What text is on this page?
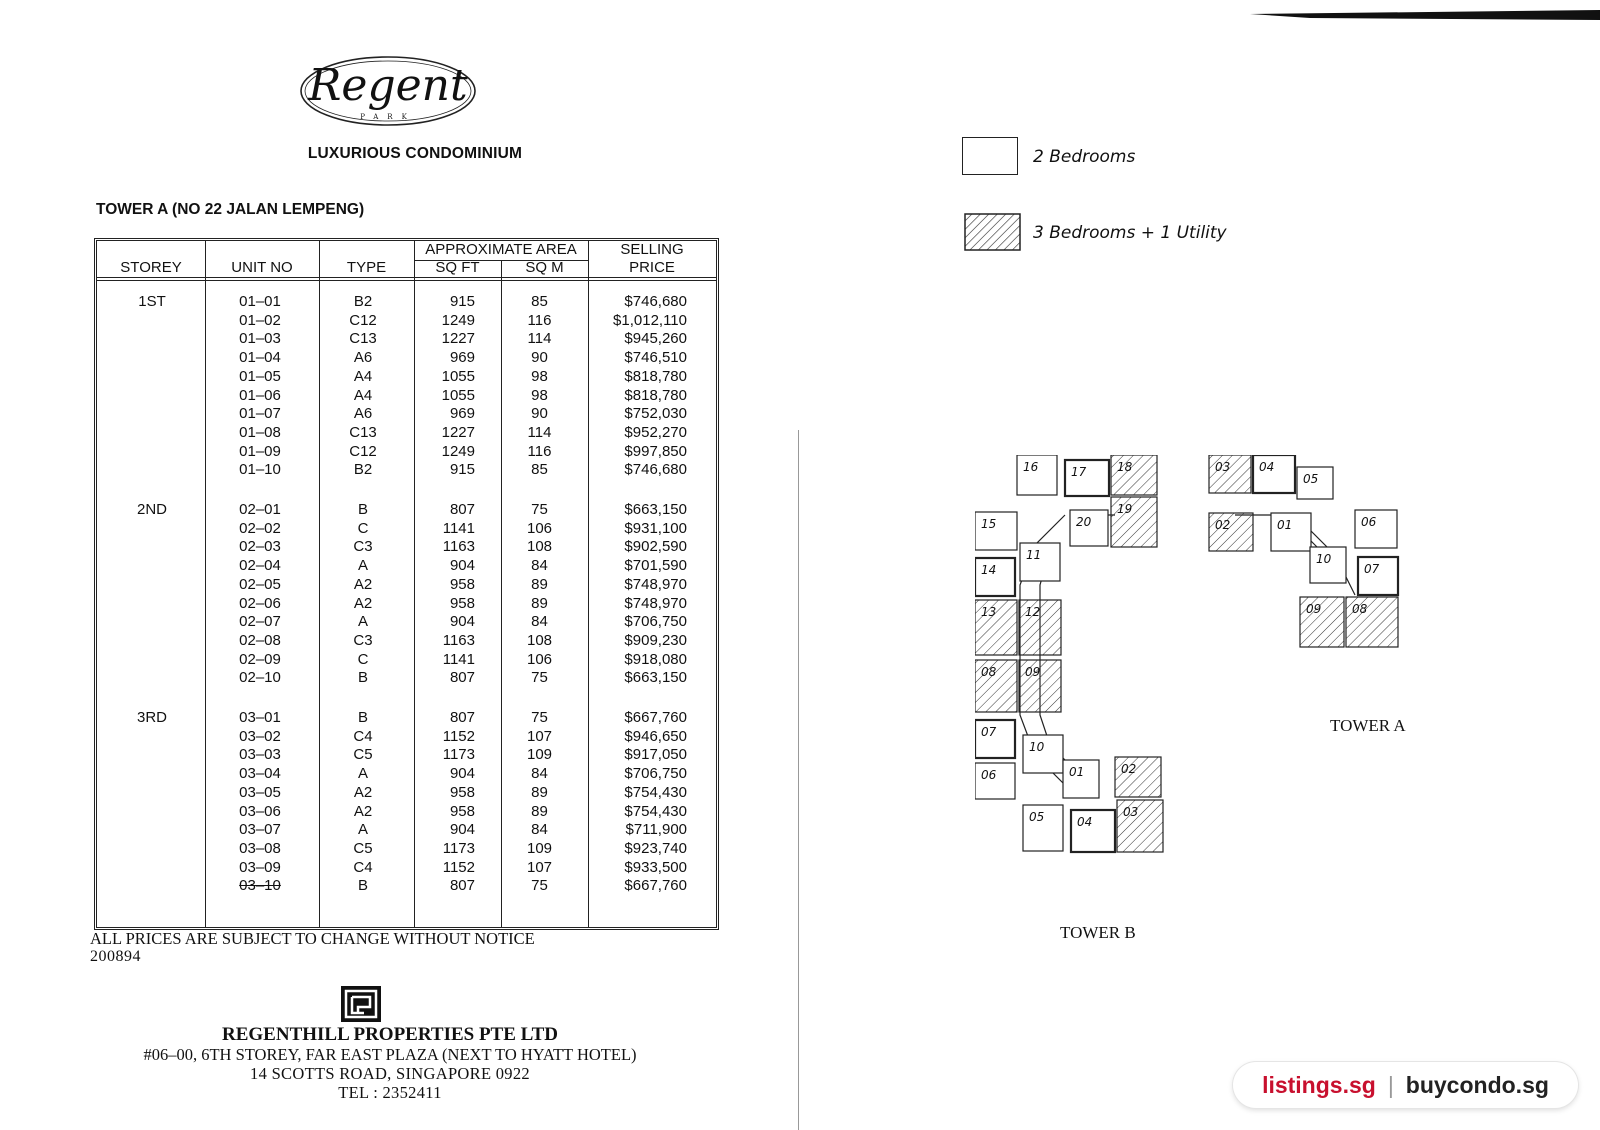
Regent
PARK
LUXURIOUS CONDOMINIUM
TOWER A (NO 22 JALAN LEMPENG)
STOREY	UNIT NO	TYPE
APPROXIMATE AREA
SQ FT	SQ M
SELLING
PRICE
1ST	01–01	B2	915	85	$746,680
01–02	C12	1249	116	$1,012,110
01–03	C13	1227	114	$945,260
01–04	A6	969	90	$746,510
01–05	A4	1055	98	$818,780
01–06	A4	1055	98	$818,780
01–07	A6	969	90	$752,030
01–08	C13	1227	114	$952,270
01–09	C12	1249	116	$997,850
01–10	B2	915	85	$746,680
2ND	02–01	B	807	75	$663,150
02–02	C	1141	106	$931,100
02–03	C3	1163	108	$902,590
02–04	A	904	84	$701,590
02–05	A2	958	89	$748,970
02–06	A2	958	89	$748,970
02–07	A	904	84	$706,750
02–08	C3	1163	108	$909,230
02–09	C	1141	106	$918,080
02–10	B	807	75	$663,150
3RD	03–01	B	807	75	$667,760
03–02	C4	1152	107	$946,650
03–03	C5	1173	109	$917,050
03–04	A	904	84	$706,750
03–05	A2	958	89	$754,430
03–06	A2	958	89	$754,430
03–07	A	904	84	$711,900
03–08	C5	1173	109	$923,740
03–09	C4	1152	107	$933,500
03–10	B	807	75	$667,760
ALL PRICES ARE SUBJECT TO CHANGE WITHOUT NOTICE
200894
REGENTHILL PROPERTIES PTE LTD
#06–00, 6TH STOREY, FAR EAST PLAZA (NEXT TO HYATT HOTEL)
14 SCOTTS ROAD, SINGAPORE 0922
TEL : 2352411
2 Bedrooms
3 Bedrooms + 1 Utility
03 04
05
02	01	06
10
07
09	08
16	17	18
15	20
19
11
14
13 12
08 09
07
10
06	01	02
05	04
03
TOWER A
TOWER B
listings.sg | buycondo.sg
